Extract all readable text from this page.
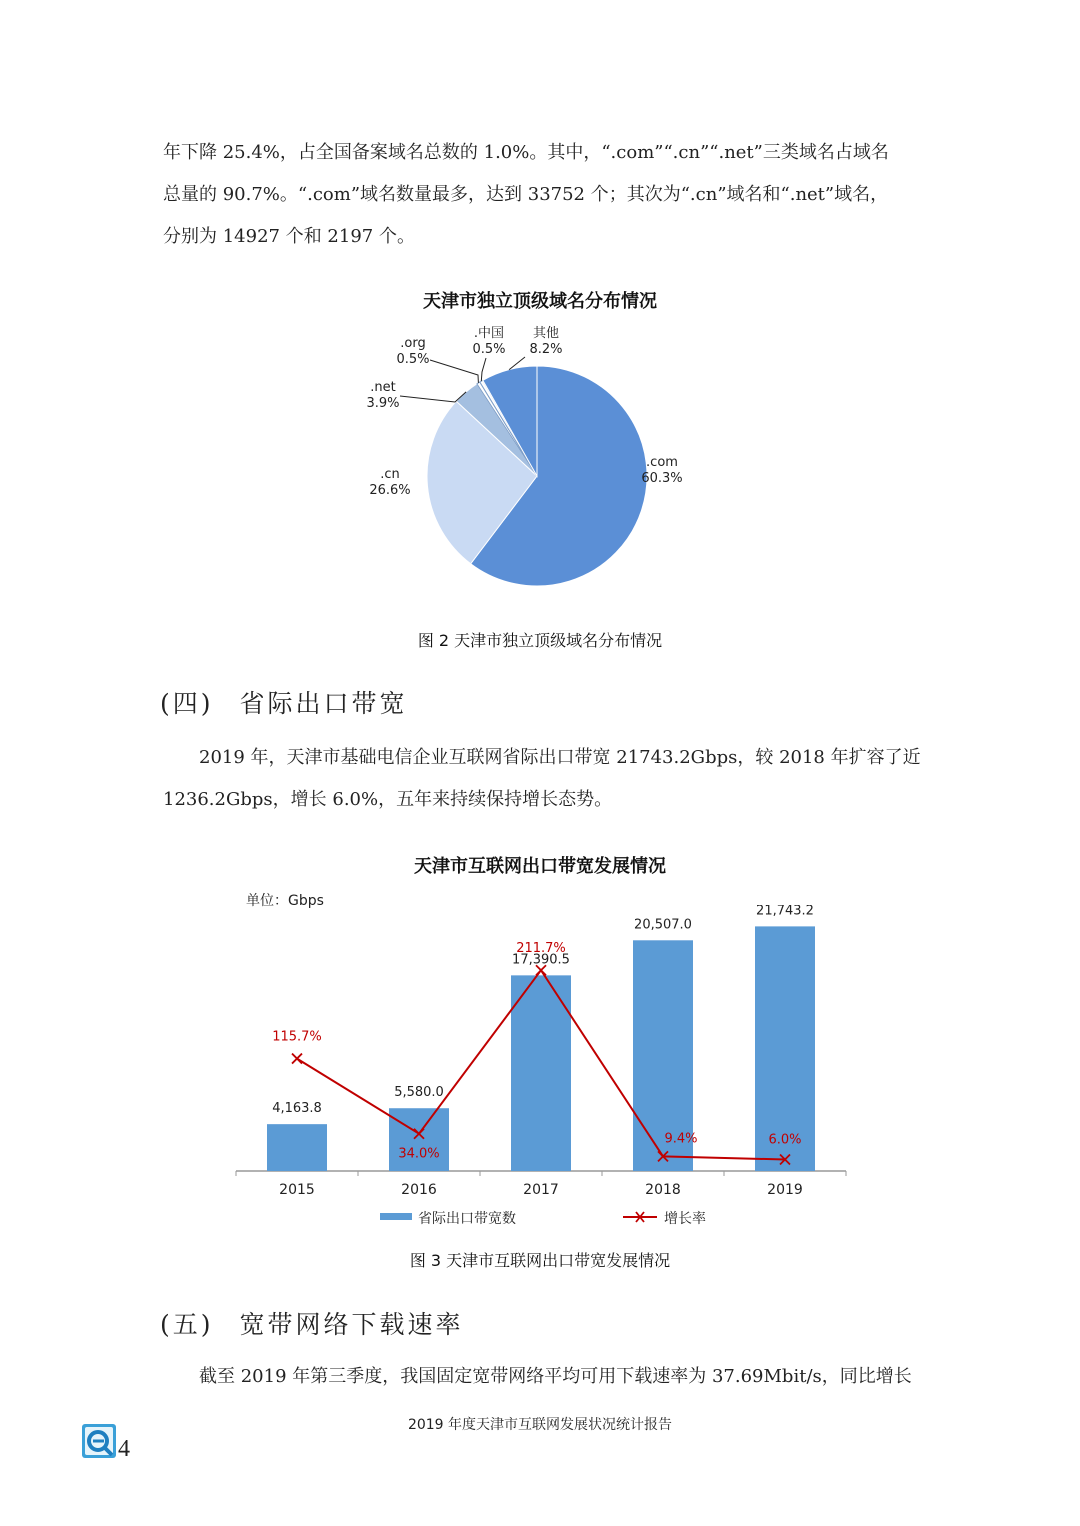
年下降 25.4%，占全国备案域名总数的 1.0%。其中，“.com”“.cn”“.net”三类域名占域名
总量的 90.7%。“.com”域名数量最多，达到 33752 个；其次为“.cn”域名和“.net”域名，
分别为 14927 个和 2197 个。
天津市独立顶级域名分布情况
.com
60.3%
.cn
26.6%
.net
3.9%
.org
0.5%
.中国
0.5%
其他
8.2%
图 2 天津市独立顶级域名分布情况
(四) 省际出口带宽
2019 年，天津市基础电信企业互联网省际出口带宽 21743.2Gbps，较 2018 年扩容了近
1236.2Gbps，增长 6.0%，五年来持续保持增长态势。
天津市互联网出口带宽发展情况
单位：Gbps
4,163.8
2015
5,580.0
2016
17,390.5
2017
20,507.0
2018
21,743.2
2019
115.7%
34.0%
211.7%
9.4%	6.0%
省际出口带宽数	增长率
图 3 天津市互联网出口带宽发展情况
(五) 宽带网络下载速率
截至 2019 年第三季度，我国固定宽带网络平均可用下载速率为 37.69Mbit/s，同比增长
2019 年度天津市互联网发展状况统计报告
4
